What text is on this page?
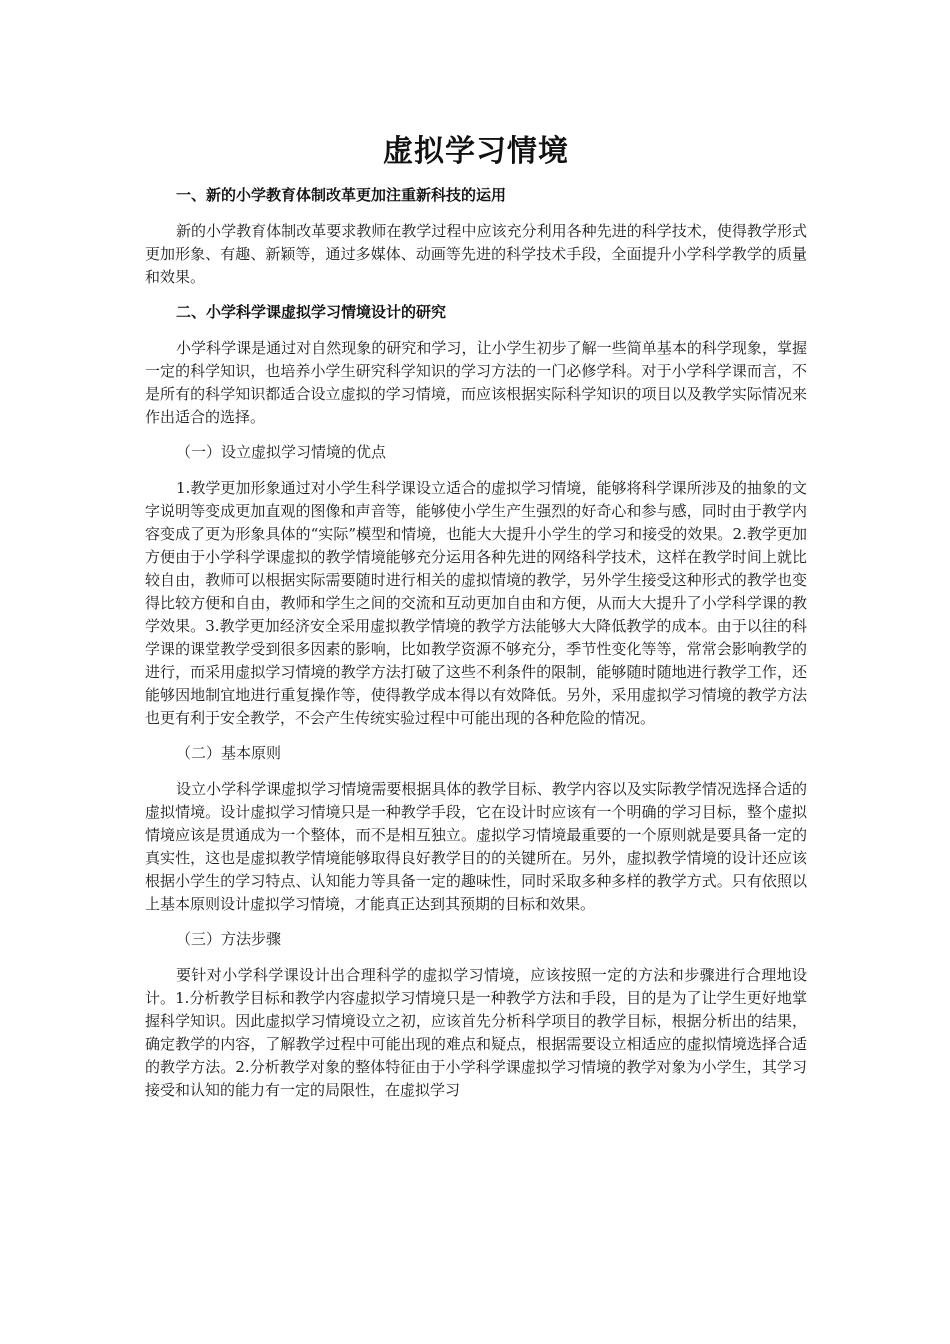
虚拟学习情境

一、新的小学教育体制改革更加注重新科技的运用

新的小学教育体制改革要求教师在教学过程中应该充分利用各种先进的科学技术，使得教学形式更加形象、有趣、新颖等，通过多媒体、动画等先进的科学技术手段，全面提升小学科学教学的质量和效果。

二、小学科学课虚拟学习情境设计的研究

小学科学课是通过对自然现象的研究和学习，让小学生初步了解一些简单基本的科学现象，掌握一定的科学知识，也培养小学生研究科学知识的学习方法的一门必修学科。对于小学科学课而言，不是所有的科学知识都适合设立虚拟的学习情境，而应该根据实际科学知识的项目以及教学实际情况来作出适合的选择。

（一）设立虚拟学习情境的优点

1.教学更加形象通过对小学生科学课设立适合的虚拟学习情境，能够将科学课所涉及的抽象的文字说明等变成更加直观的图像和声音等，能够使小学生产生强烈的好奇心和参与感，同时由于教学内容变成了更为形象具体的“实际”模型和情境，也能大大提升小学生的学习和接受的效果。2.教学更加方便由于小学科学课虚拟的教学情境能够充分运用各种先进的网络科学技术，这样在教学时间上就比较自由，教师可以根据实际需要随时进行相关的虚拟情境的教学，另外学生接受这种形式的教学也变得比较方便和自由，教师和学生之间的交流和互动更加自由和方便，从而大大提升了小学科学课的教学效果。3.教学更加经济安全采用虚拟教学情境的教学方法能够大大降低教学的成本。由于以往的科学课的课堂教学受到很多因素的影响，比如教学资源不够充分，季节性变化等等，常常会影响教学的进行，而采用虚拟学习情境的教学方法打破了这些不利条件的限制，能够随时随地进行教学工作，还能够因地制宜地进行重复操作等，使得教学成本得以有效降低。另外，采用虚拟学习情境的教学方法也更有利于安全教学，不会产生传统实验过程中可能出现的各种危险的情况。

（二）基本原则

设立小学科学课虚拟学习情境需要根据具体的教学目标、教学内容以及实际教学情况选择合适的虚拟情境。设计虚拟学习情境只是一种教学手段，它在设计时应该有一个明确的学习目标，整个虚拟情境应该是贯通成为一个整体，而不是相互独立。虚拟学习情境最重要的一个原则就是要具备一定的真实性，这也是虚拟教学情境能够取得良好教学目的的关键所在。另外，虚拟教学情境的设计还应该根据小学生的学习特点、认知能力等具备一定的趣味性，同时采取多种多样的教学方式。只有依照以上基本原则设计虚拟学习情境，才能真正达到其预期的目标和效果。

（三）方法步骤

要针对小学科学课设计出合理科学的虚拟学习情境，应该按照一定的方法和步骤进行合理地设计。1.分析教学目标和教学内容虚拟学习情境只是一种教学方法和手段，目的是为了让学生更好地掌握科学知识。因此虚拟学习情境设立之初，应该首先分析科学项目的教学目标，根据分析出的结果，确定教学的内容，了解教学过程中可能出现的难点和疑点，根据需要设立相适应的虚拟情境选择合适的教学方法。2.分析教学对象的整体特征由于小学科学课虚拟学习情境的教学对象为小学生，其学习接受和认知的能力有一定的局限性，在虚拟学习
